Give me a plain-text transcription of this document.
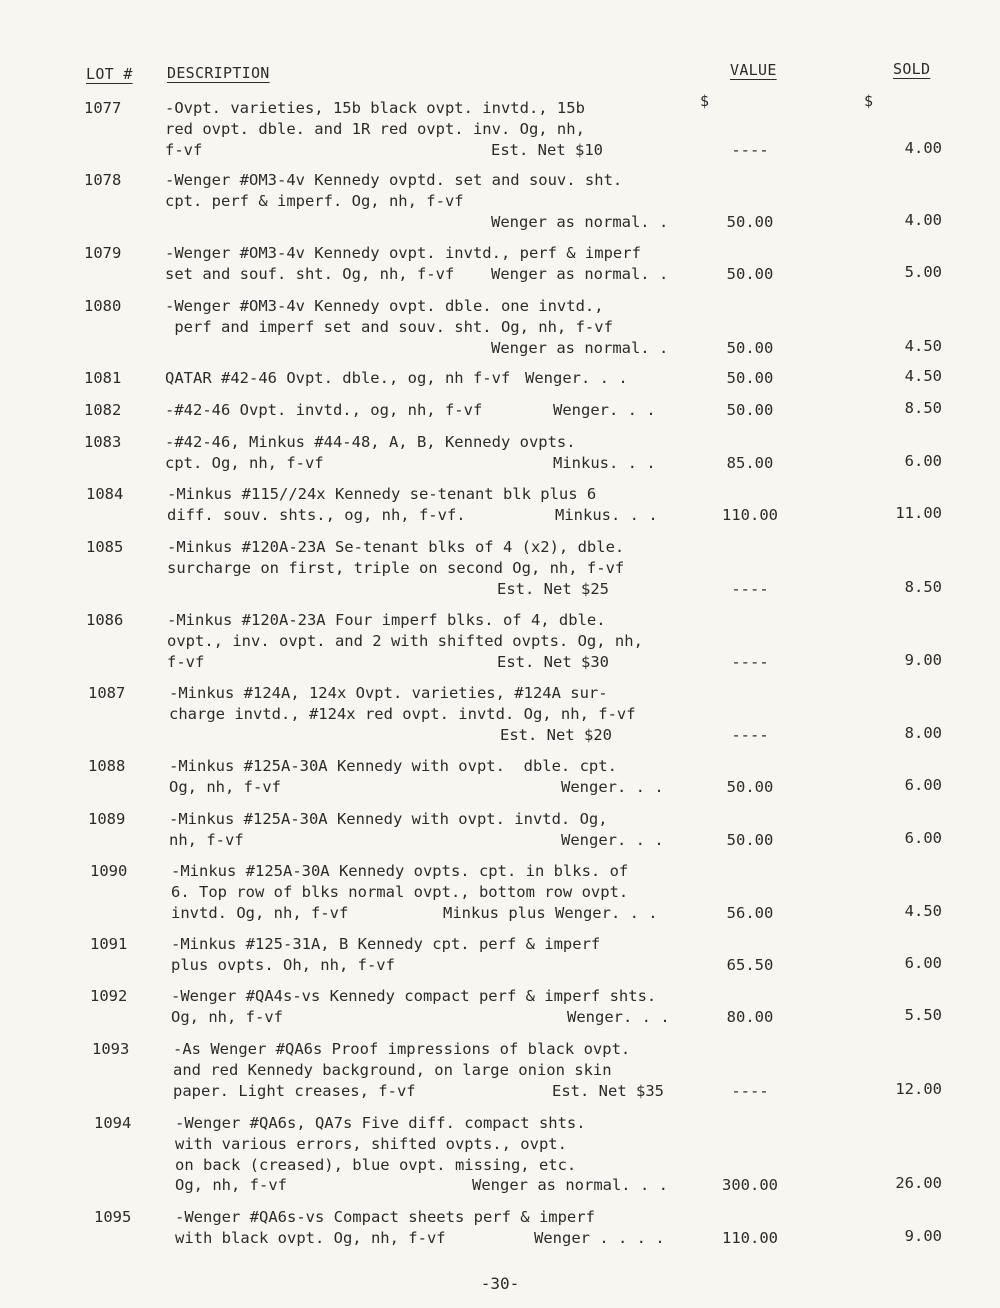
LOT # DESCRIPTION	VALUE	SOLD
$	$
1077	-Ovpt. varieties, 15b black ovpt. invtd., 15b
red ovpt. dble. and 1R red ovpt. inv. Og, nh,
f-vf	Est. Net $10	----	4.00
1078	-Wenger #OM3-4v Kennedy ovptd. set and souv. sht.
cpt. perf & imperf. Og, nh, f-vf
Wenger as normal. .	50.00	4.00
1079	-Wenger #OM3-4v Kennedy ovpt. invtd., perf & imperf
set and souf. sht. Og, nh, f-vf Wenger as normal. .	50.00	5.00
1080	-Wenger #OM3-4v Kennedy ovpt. dble. one invtd.,
perf and imperf set and souv. sht. Og, nh, f-vf
Wenger as normal. .	50.00	4.50
1081	QATAR #42-46 Ovpt. dble., og, nh f-vf Wenger. . .	50.00	4.50
1082	-#42-46 Ovpt. invtd., og, nh, f-vf	Wenger. . .	50.00	8.50
1083	-#42-46, Minkus #44-48, A, B, Kennedy ovpts.
cpt. Og, nh, f-vf	Minkus. . .	85.00	6.00
1084	-Minkus #115//24x Kennedy se-tenant blk plus 6
diff. souv. shts., og, nh, f-vf.	Minkus. . .	110.00	11.00
1085	-Minkus #120A-23A Se-tenant blks of 4 (x2), dble.
surcharge on first, triple on second Og, nh, f-vf
Est. Net $25	----	8.50
1086	-Minkus #120A-23A Four imperf blks. of 4, dble.
ovpt., inv. ovpt. and 2 with shifted ovpts. Og, nh,
f-vf	Est. Net $30	----	9.00
1087	-Minkus #124A, 124x Ovpt. varieties, #124A sur-
charge invtd., #124x red ovpt. invtd. Og, nh, f-vf
Est. Net $20	----	8.00
1088	-Minkus #125A-30A Kennedy with ovpt.  dble. cpt.
Og, nh, f-vf	Wenger. . .	50.00	6.00
1089	-Minkus #125A-30A Kennedy with ovpt. invtd. Og,
nh, f-vf	Wenger. . .	50.00	6.00
1090	-Minkus #125A-30A Kennedy ovpts. cpt. in blks. of
6. Top row of blks normal ovpt., bottom row ovpt.
invtd. Og, nh, f-vf	Minkus plus Wenger. . .	56.00	4.50
1091	-Minkus #125-31A, B Kennedy cpt. perf & imperf
plus ovpts. Oh, nh, f-vf	65.50	6.00
1092	-Wenger #QA4s-vs Kennedy compact perf & imperf shts.
Og, nh, f-vf	Wenger. . .	80.00	5.50
1093	-As Wenger #QA6s Proof impressions of black ovpt.
and red Kennedy background, on large onion skin
paper. Light creases, f-vf	Est. Net $35	----	12.00
1094	-Wenger #QA6s, QA7s Five diff. compact shts.
with various errors, shifted ovpts., ovpt.
on back (creased), blue ovpt. missing, etc.
Og, nh, f-vf	Wenger as normal. . .	300.00	26.00
1095	-Wenger #QA6s-vs Compact sheets perf & imperf
with black ovpt. Og, nh, f-vf	Wenger . . . .	110.00	9.00
-30-
